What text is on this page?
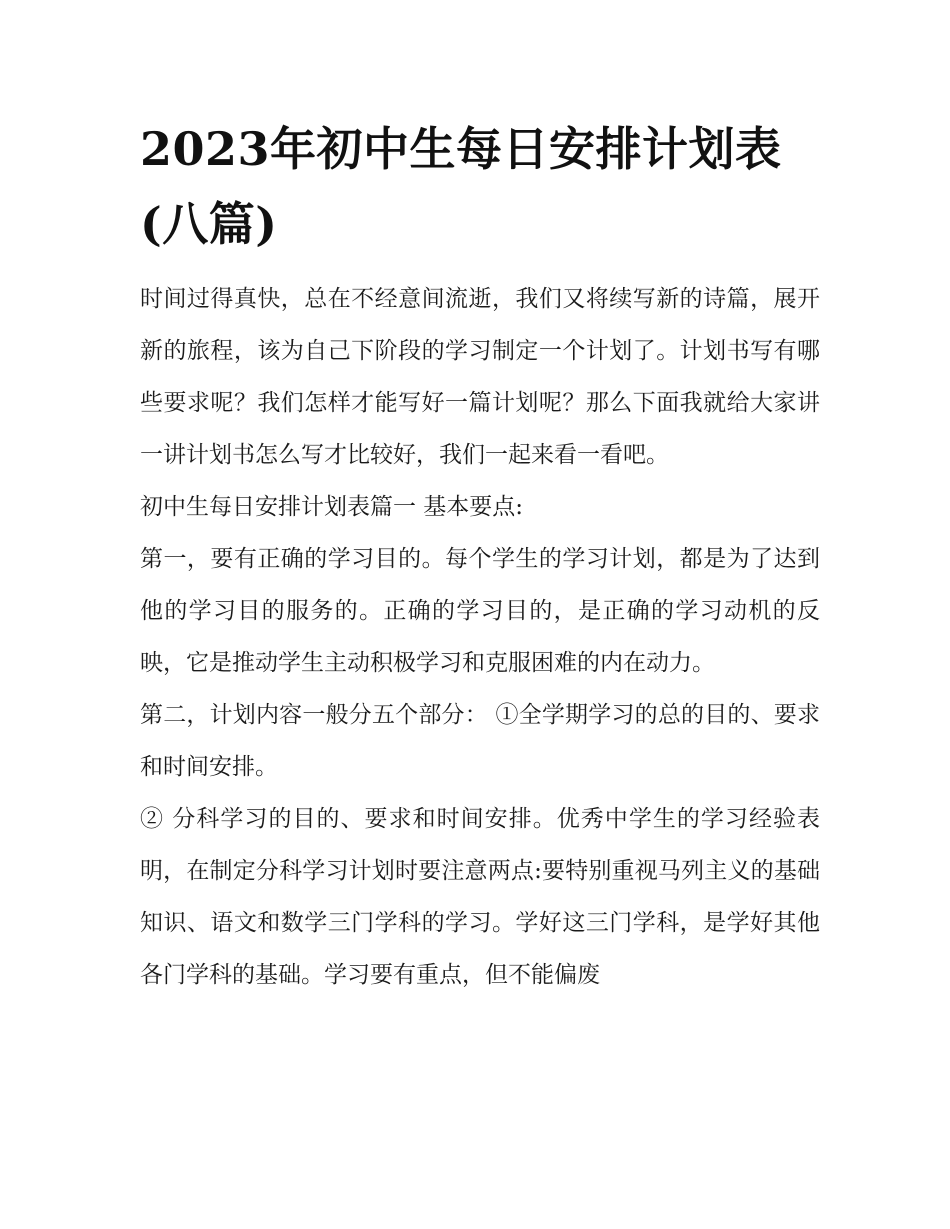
2023年初中生每日安排计划表(八篇)

时间过得真快，总在不经意间流逝，我们又将续写新的诗篇，展开新的旅程，该为自己下阶段的学习制定一个计划了。计划书写有哪些要求呢？我们怎样才能写好一篇计划呢？那么下面我就给大家讲一讲计划书怎么写才比较好，我们一起来看一看吧。

初中生每日安排计划表篇一 基本要点:

第一，要有正确的学习目的。每个学生的学习计划，都是为了达到他的学习目的服务的。正确的学习目的，是正确的学习动机的反映，它是推动学生主动积极学习和克服困难的内在动力。

第二，计划内容一般分五个部分： ①全学期学习的总的目的、要求和时间安排。

② 分科学习的目的、要求和时间安排。优秀中学生的学习经验表明，在制定分科学习计划时要注意两点:要特别重视马列主义的基础知识、语文和数学三门学科的学习。学好这三门学科，是学好其他各门学科的基础。学习要有重点，但不能偏废
